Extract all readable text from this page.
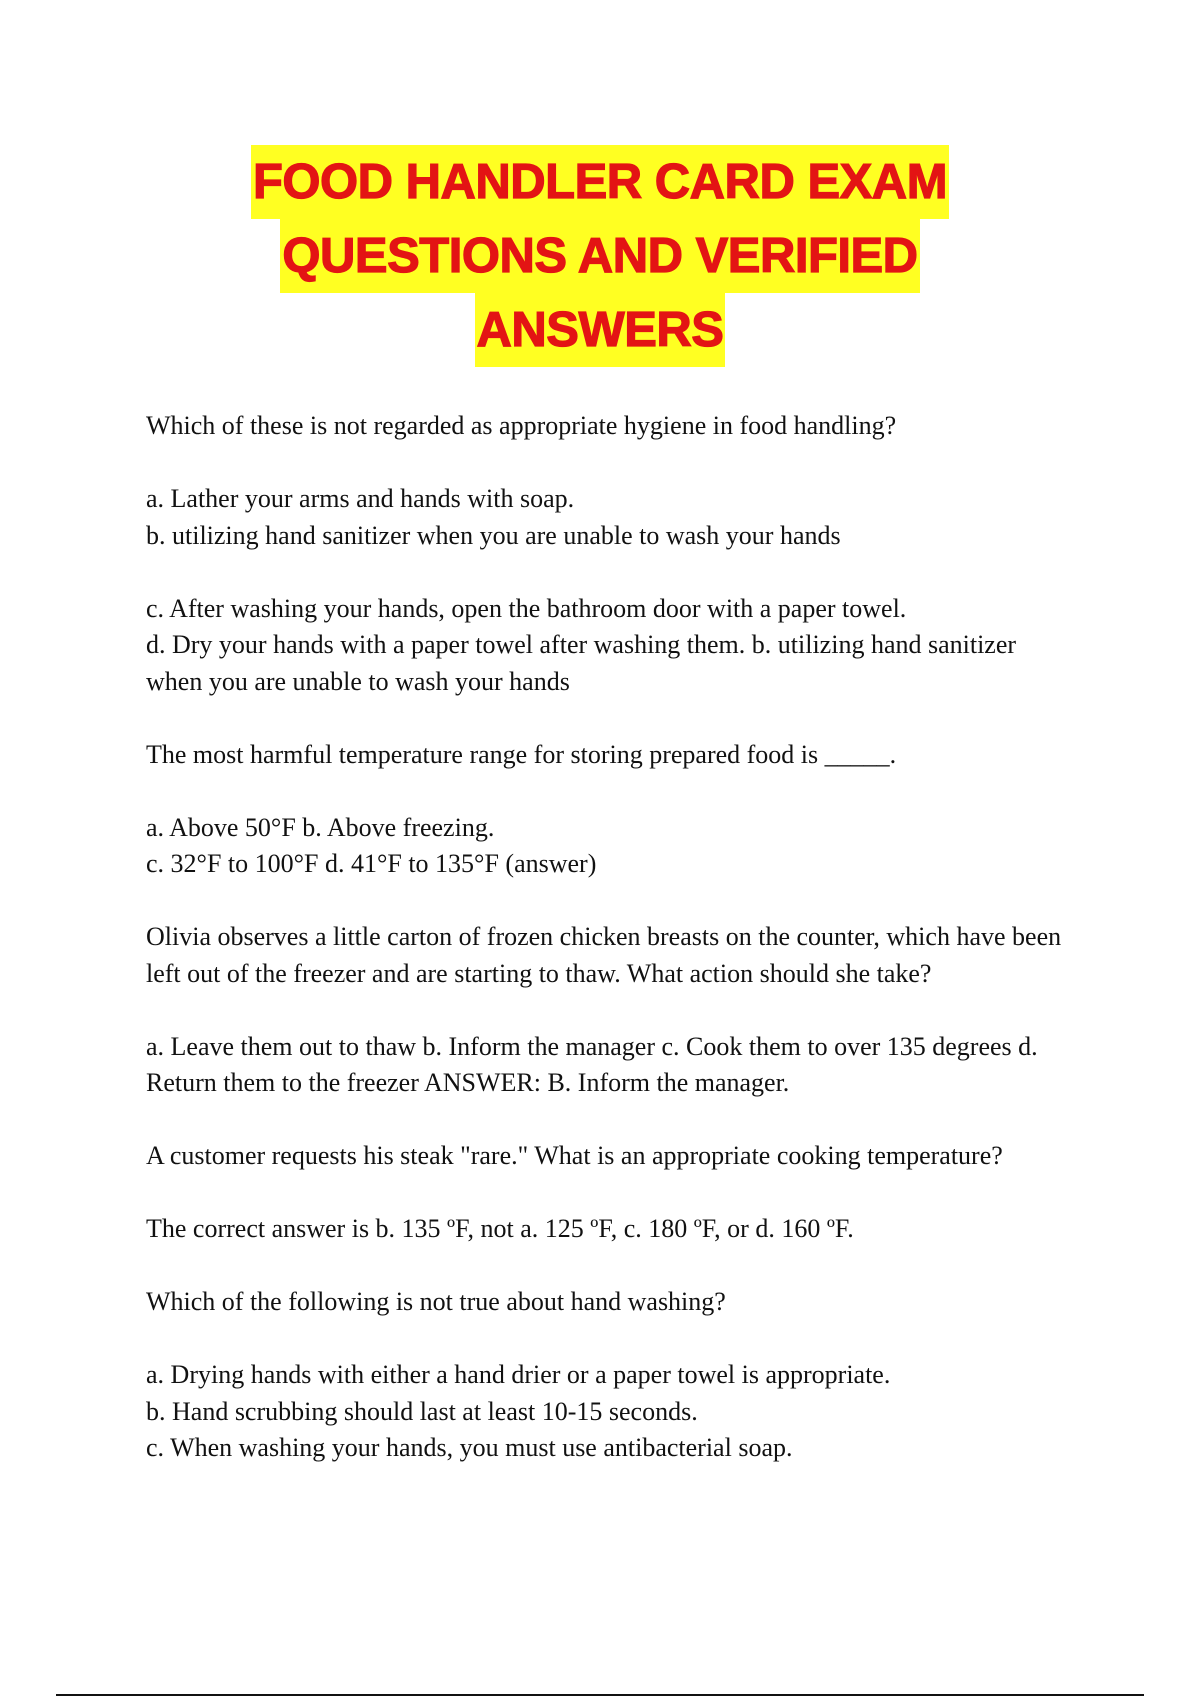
FOOD HANDLER CARD EXAM
QUESTIONS AND VERIFIED
ANSWERS

Which of these is not regarded as appropriate hygiene in food handling?

a. Lather your arms and hands with soap.

b. utilizing hand sanitizer when you are unable to wash your hands

c. After washing your hands, open the bathroom door with a paper towel.

d. Dry your hands with a paper towel after washing them. b. utilizing hand sanitizer when you are unable to wash your hands

The most harmful temperature range for storing prepared food is _____.

a. Above 50°F b. Above freezing.

c. 32°F to 100°F d. 41°F to 135°F (answer)

Olivia observes a little carton of frozen chicken breasts on the counter, which have been left out of the freezer and are starting to thaw. What action should she take?

a. Leave them out to thaw b. Inform the manager c. Cook them to over 135 degrees d. Return them to the freezer ANSWER: B. Inform the manager.

A customer requests his steak "rare." What is an appropriate cooking temperature?

The correct answer is b. 135 ºF, not a. 125 ºF, c. 180 ºF, or d. 160 ºF.

Which of the following is not true about hand washing?

a. Drying hands with either a hand drier or a paper towel is appropriate.

b. Hand scrubbing should last at least 10-15 seconds.

c. When washing your hands, you must use antibacterial soap.
